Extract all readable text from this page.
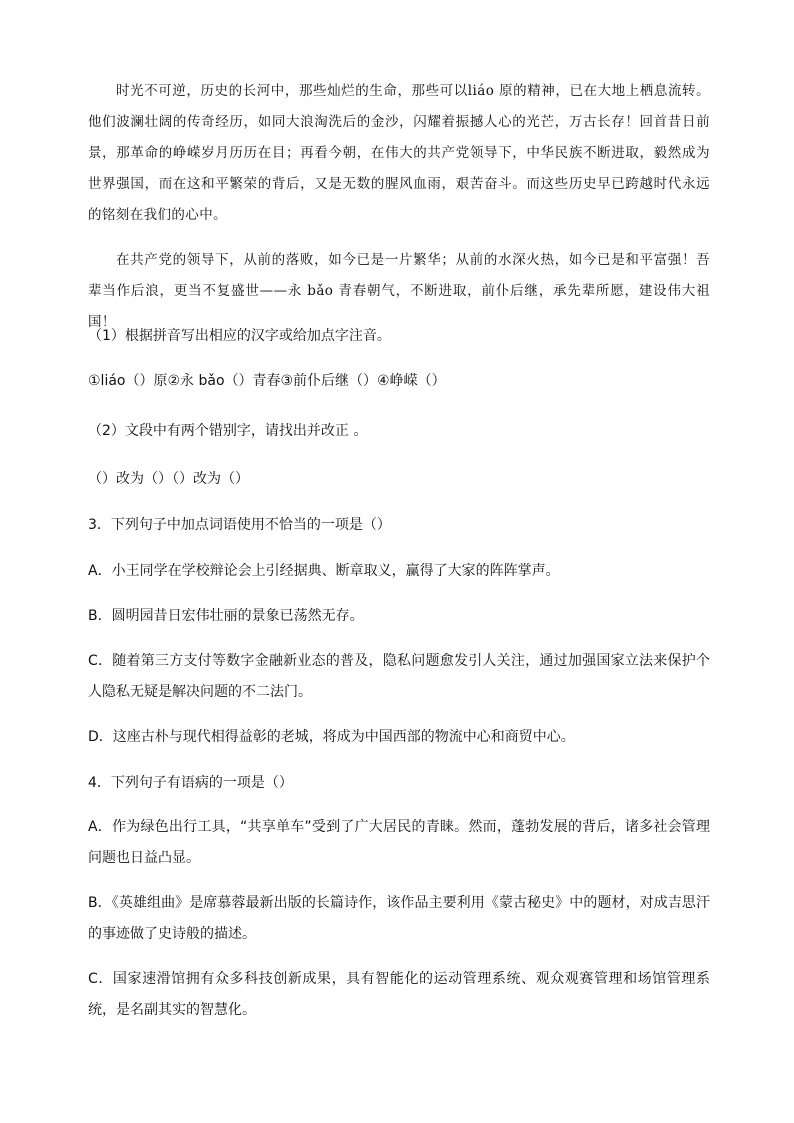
时光不可逆，历史的长河中，那些灿烂的生命，那些可以liáo 原的精神，已在大地上栖息流转。他们波澜壮阔的传奇经历，如同大浪淘洗后的金沙，闪耀着振撼人心的光芒，万古长存！回首昔日前景，那革命的峥嵘岁月历历在目；再看今朝，在伟大的共产党领导下，中华民族不断进取，毅然成为世界强国，而在这和平繁荣的背后，又是无数的腥风血雨，艰苦奋斗。而这些历史早已跨越时代永远的铭刻在我们的心中。

在共产党的领导下，从前的落败，如今已是一片繁华；从前的水深火热，如今已是和平富强！吾辈当作后浪，更当不复盛世——永 bǎo 青春朝气，不断进取，前仆后继，承先辈所愿，建设伟大祖国！

（1）根据拼音写出相应的汉字或给加点字注音。

①liáo（）原②永 bǎo（）青春③前仆后继（）④峥嵘（）

（2）文段中有两个错别字，请找出并改正 。

（）改为（）（）改为（）

3．下列句子中加点词语使用不恰当的一项是（）

A．小王同学在学校辩论会上引经据典、断章取义，赢得了大家的阵阵掌声。

B．圆明园昔日宏伟壮丽的景象已荡然无存。

C．随着第三方支付等数字金融新业态的普及，隐私问题愈发引人关注，通过加强国家立法来保护个人隐私无疑是解决问题的不二法门。

D．这座古朴与现代相得益彰的老城，将成为中国西部的物流中心和商贸中心。

4．下列句子有语病的一项是（）

A．作为绿色出行工具，“共享单车”受到了广大居民的青睐。然而，蓬勃发展的背后，诸多社会管理问题也日益凸显。

B．《英雄组曲》是席慕蓉最新出版的长篇诗作，该作品主要利用《蒙古秘史》中的题材，对成吉思汗的事迹做了史诗般的描述。

C．国家速滑馆拥有众多科技创新成果，具有智能化的运动管理系统、观众观赛管理和场馆管理系统，是名副其实的智慧化。
